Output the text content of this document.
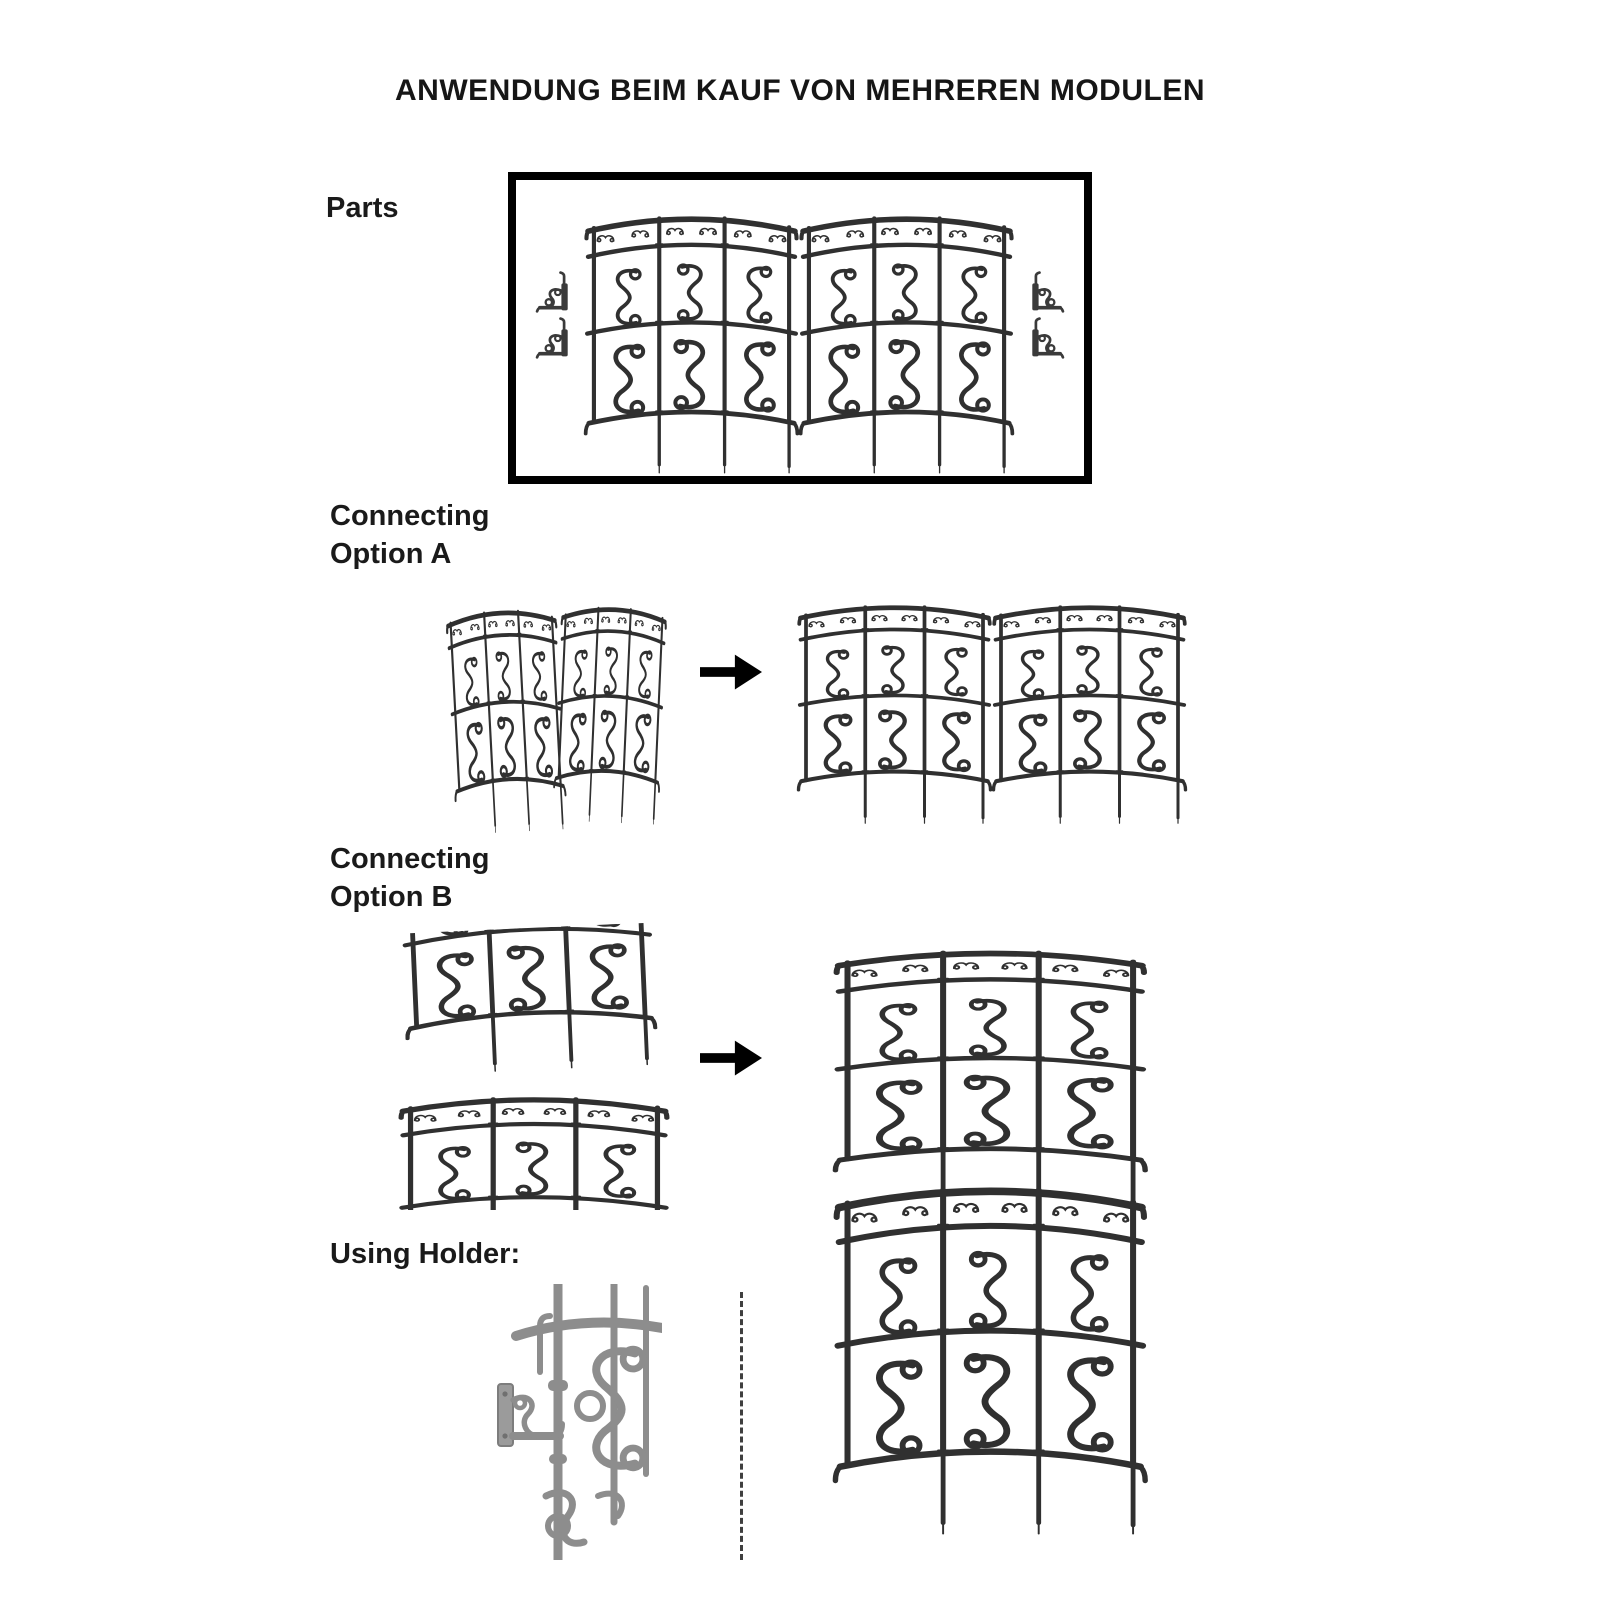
ANWENDUNG BEIM KAUF VON MEHREREN MODULEN
Parts
Connecting
Option A
Connecting
Option B
Using Holder:
